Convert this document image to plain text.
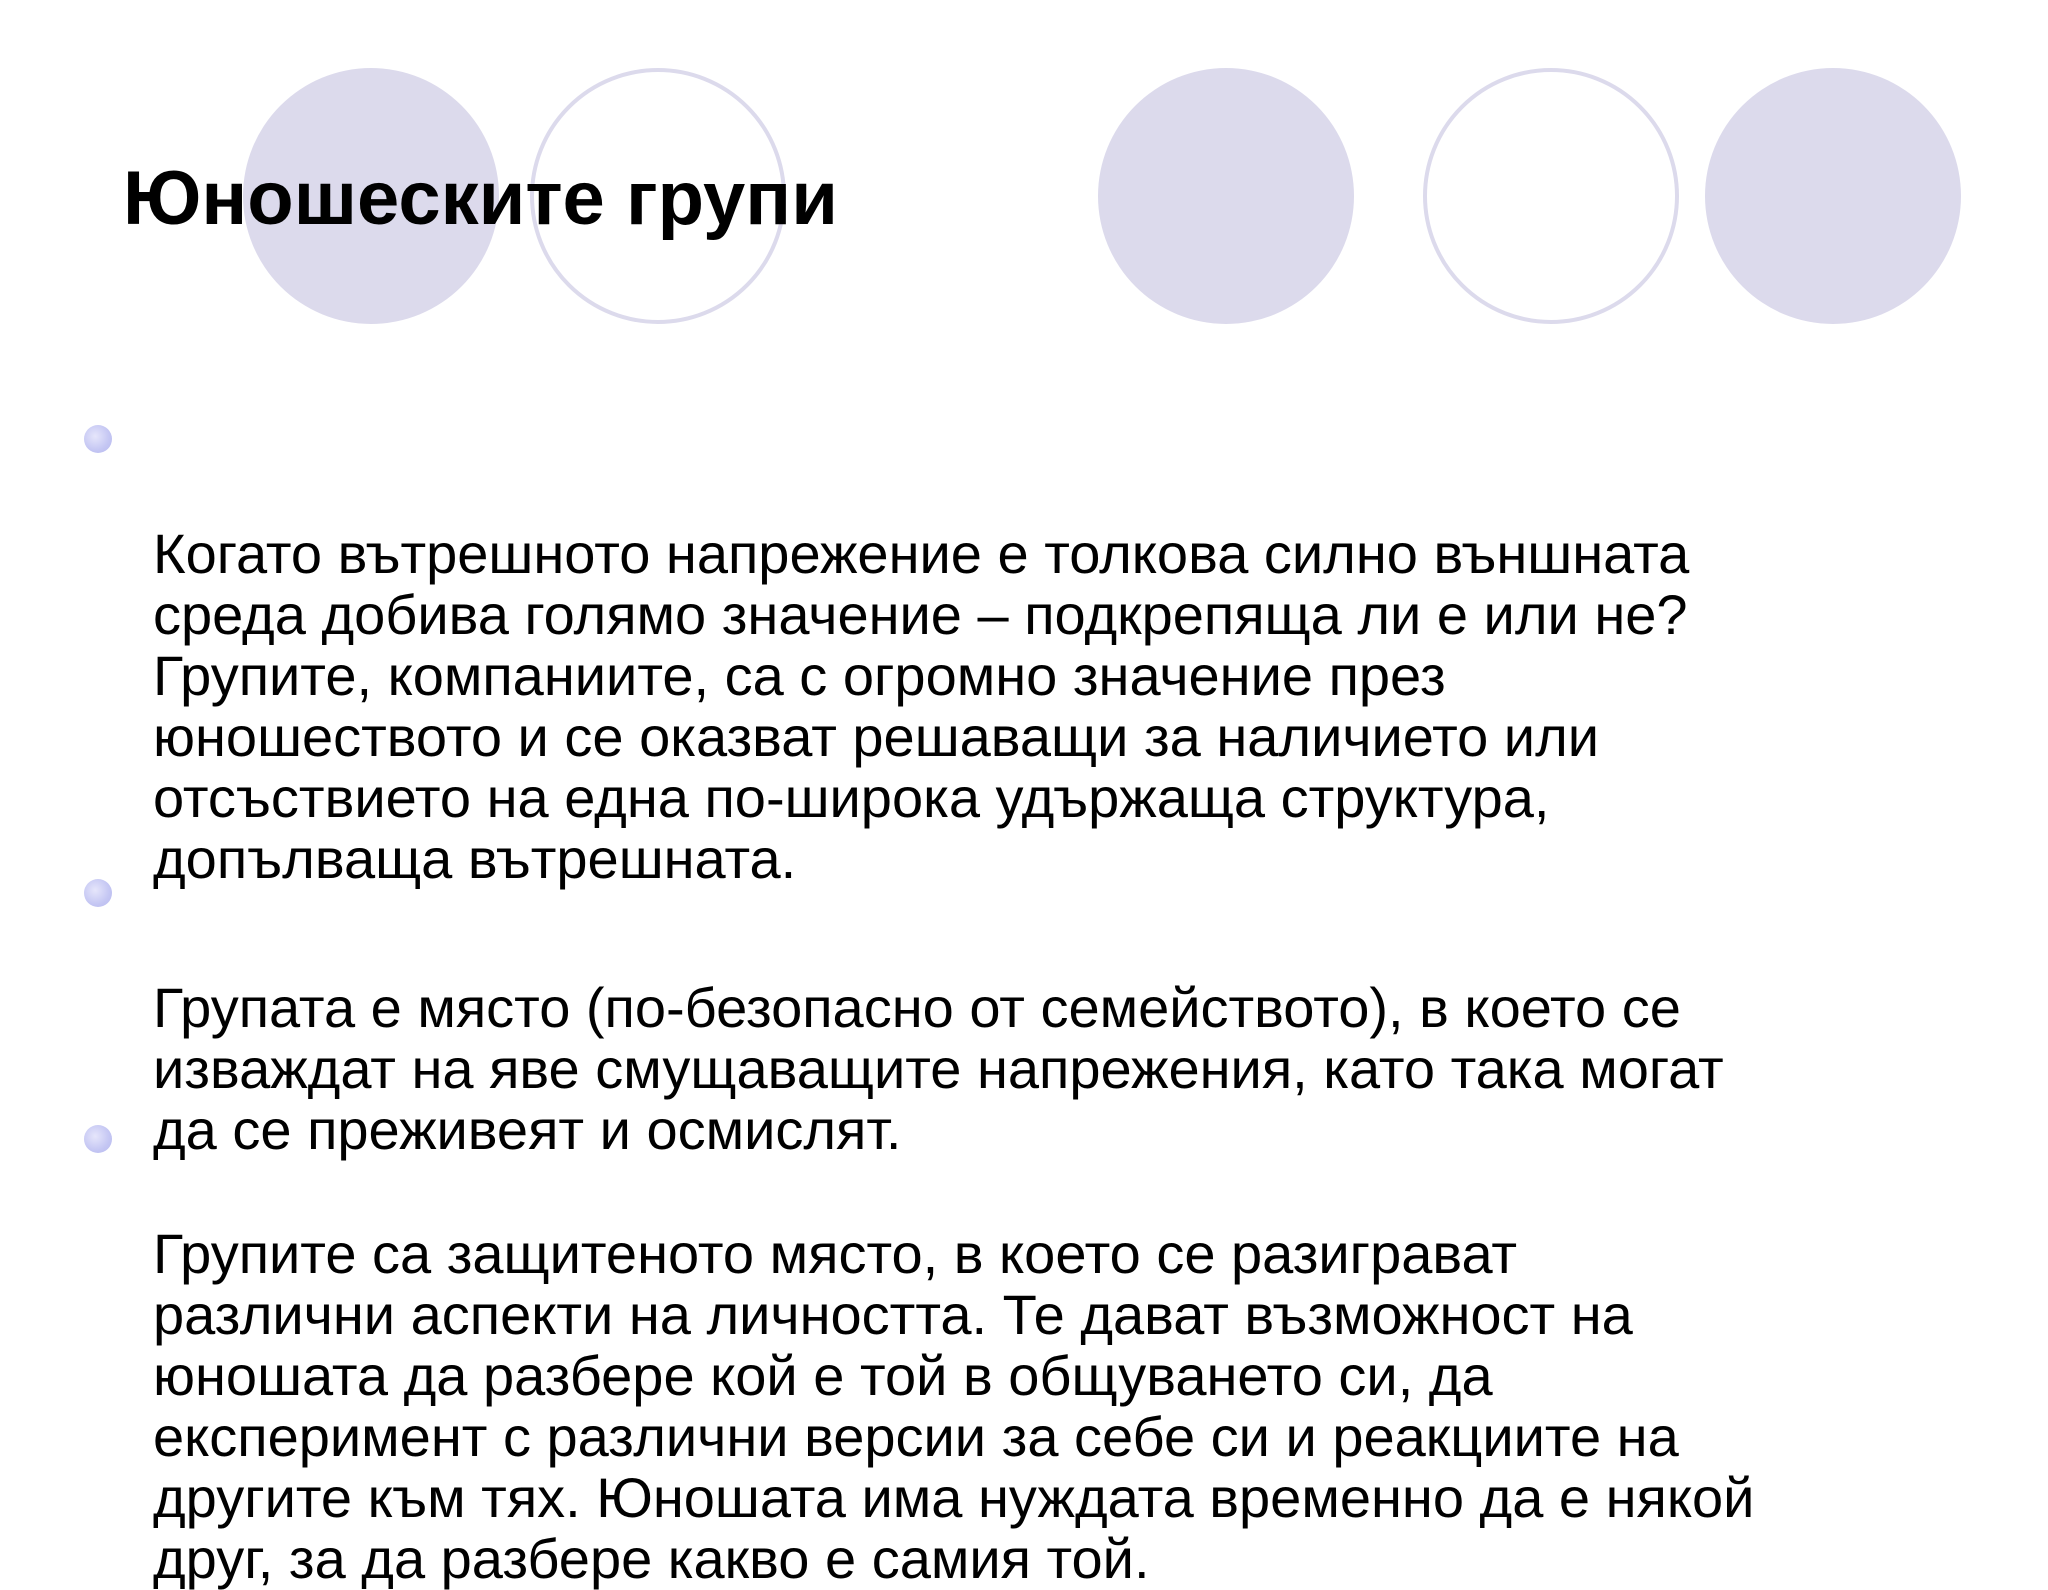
Юношеските групи

Когато вътрешното напрежение е толкова силно външната
среда добива голямо значение – подкрепяща ли е или не?
Групите, компаниите, са с огромно значение през
юношеството и се оказват решаващи за наличието или
отсъствието на една по-широка удържаща структура,
допълваща вътрешната.

Групата е място (по-безопасно от семейството), в което се
изваждат на яве смущаващите напрежения, като така могат
да се преживеят и осмислят.

Групите са защитеното място, в което се разиграват
различни аспекти на личността. Те дават възможност на
юношата да разбере кой е той в общуването си, да
експеримент с различни версии за себе си и реакциите на
другите към тях. Юношата има нуждата временно да е някой
друг, за да разбере какво е самия той.
